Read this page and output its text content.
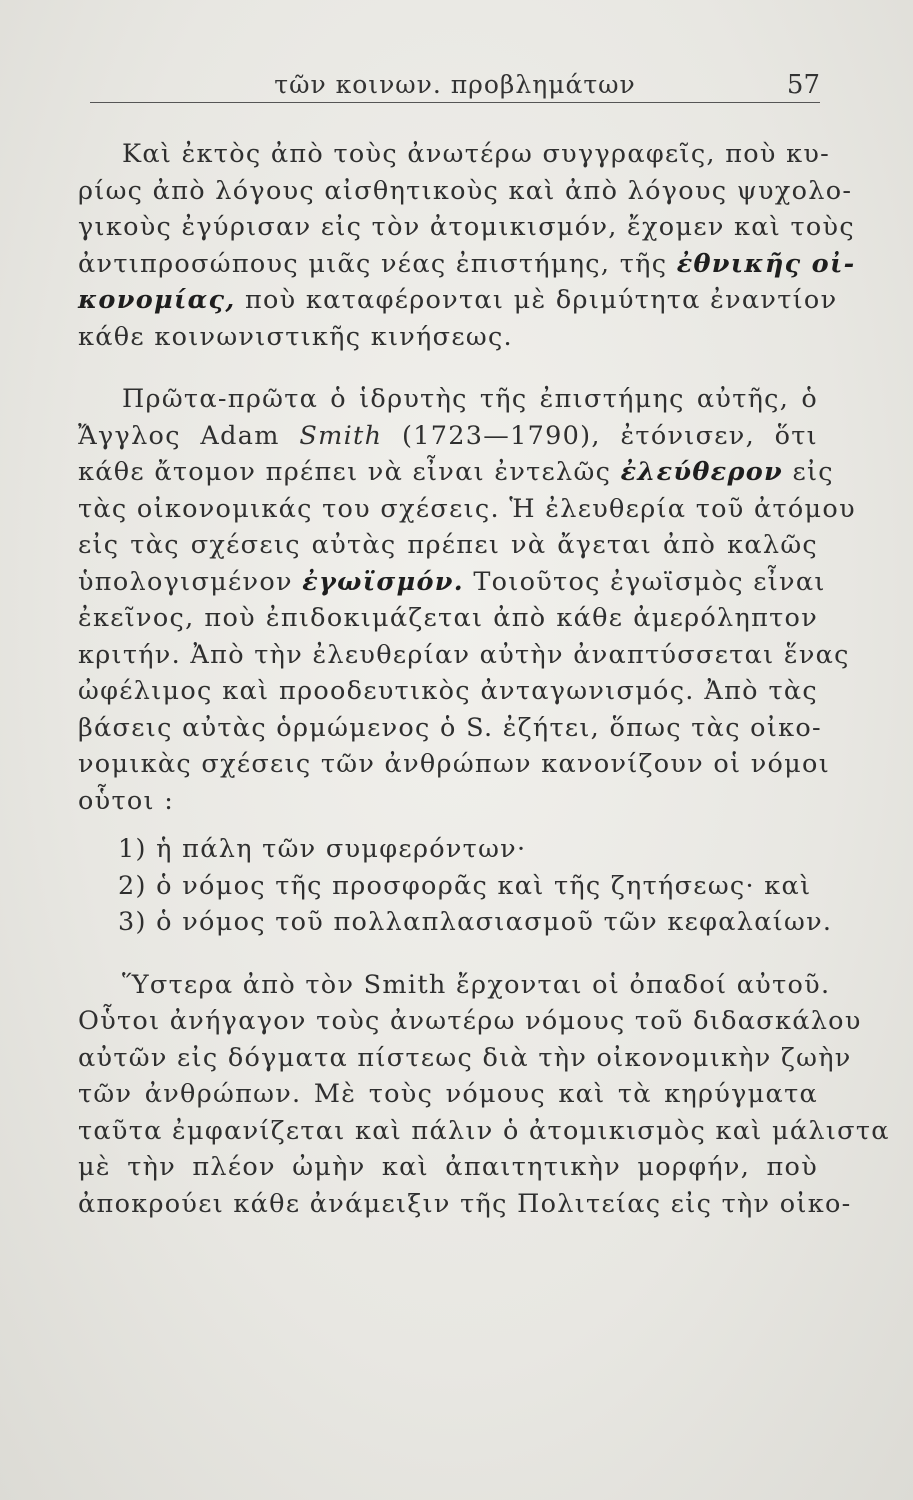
τῶν κοινων. προβλημάτων	57
Καὶ ἐκτὸς ἀπὸ τοὺς ἀνωτέρω συγγραφεῖς, ποὺ κυ-
ρίως ἀπὸ λόγους αἰσθητικοὺς καὶ ἀπὸ λόγους ψυχολο-
γικοὺς ἐγύρισαν εἰς τὸν ἀτομικισμόν, ἔχομεν καὶ τοὺς
ἀντιπροσώπους μιᾶς νέας ἐπιστήμης, τῆς ἐθνικῆς οἰ-
κονομίας, ποὺ καταφέρονται μὲ δριμύτητα ἐναντίον
κάθε κοινωνιστικῆς κινήσεως.
Πρῶτα-πρῶτα ὁ ἱδρυτὴς τῆς ἐπιστήμης αὐτῆς, ὁ
Ἄγγλος Adam Smith (1723—1790), ἐτόνισεν, ὅτι
κάθε ἄτομον πρέπει νὰ εἶναι ἐντελῶς ἐλεύθερον εἰς
τὰς οἰκονομικάς του σχέσεις. Ἡ ἐλευθερία τοῦ ἀτόμου
εἰς τὰς σχέσεις αὐτὰς πρέπει νὰ ἄγεται ἀπὸ καλῶς
ὑπολογισμένον ἐγωϊσμόν. Τοιοῦτος ἐγωϊσμὸς εἶναι
ἐκεῖνος, ποὺ ἐπιδοκιμάζεται ἀπὸ κάθε ἀμερόληπτον
κριτήν. Ἀπὸ τὴν ἐλευθερίαν αὐτὴν ἀναπτύσσεται ἕνας
ὠφέλιμος καὶ προοδευτικὸς ἀνταγωνισμός. Ἀπὸ τὰς
βάσεις αὐτὰς ὁρμώμενος ὁ S. ἐζήτει, ὅπως τὰς οἰκο-
νομικὰς σχέσεις τῶν ἀνθρώπων κανονίζουν οἱ νόμοι
οὗτοι :
1) ἡ πάλη τῶν συμφερόντων·
2) ὁ νόμος τῆς προσφορᾶς καὶ τῆς ζητήσεως· καὶ
3) ὁ νόμος τοῦ πολλαπλασιασμοῦ τῶν κεφαλαίων.
Ὕστερα ἀπὸ τὸν Smith ἔρχονται οἱ ὀπαδοί αὐτοῦ.
Οὗτοι ἀνήγαγον τοὺς ἀνωτέρω νόμους τοῦ διδασκάλου
αὐτῶν εἰς δόγματα πίστεως διὰ τὴν οἰκονομικὴν ζωὴν
τῶν ἀνθρώπων. Μὲ τοὺς νόμους καὶ τὰ κηρύγματα
ταῦτα ἐμφανίζεται καὶ πάλιν ὁ ἀτομικισμὸς καὶ μάλιστα
μὲ τὴν πλέον ὠμὴν καὶ ἀπαιτητικὴν μορφήν, ποὺ
ἀποκρούει κάθε ἀνάμειξιν τῆς Πολιτείας εἰς τὴν οἰκο-
